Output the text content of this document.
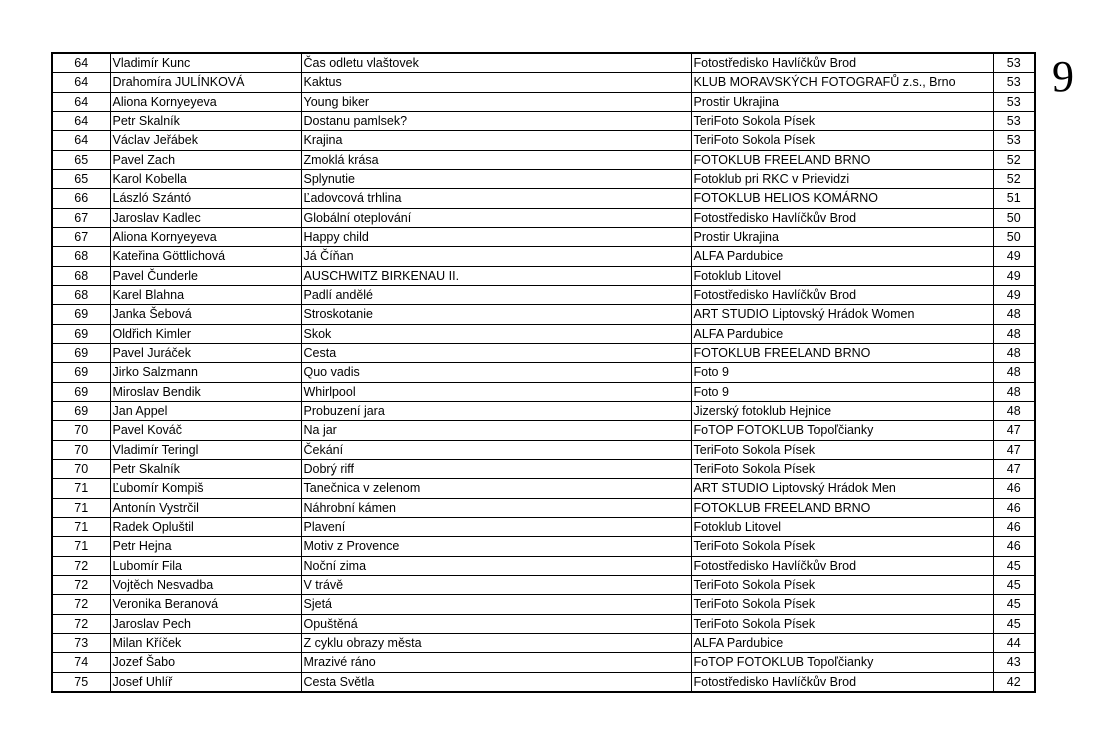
64	Vladimír Kunc	Čas odletu vlaštovek	Fotostředisko Havlíčkův Brod	53
64	Drahomíra JULÍNKOVÁ	Kaktus	KLUB MORAVSKÝCH FOTOGRAFŮ z.s., Brno	53
64	Aliona Kornyeyeva	Young biker	Prostir Ukrajina	53
64	Petr Skalník	Dostanu pamlsek?	TeriFoto Sokola Písek	53
64	Václav Jeřábek	Krajina	TeriFoto Sokola Písek	53
65	Pavel Zach	Zmoklá krása	FOTOKLUB FREELAND BRNO	52
65	Karol Kobella	Splynutie	Fotoklub pri RKC v Prievidzi	52
66	László Szántó	Ľadovcová trhlina	FOTOKLUB HELIOS KOMÁRNO	51
67	Jaroslav Kadlec	Globální oteplování	Fotostředisko Havlíčkův Brod	50
67	Aliona Kornyeyeva	Happy child	Prostir Ukrajina	50
68	Kateřina Göttlichová	Já Číňan	ALFA Pardubice	49
68	Pavel Čunderle	AUSCHWITZ BIRKENAU II.	Fotoklub Litovel	49
68	Karel Blahna	Padlí andělé	Fotostředisko Havlíčkův Brod	49
69	Janka Šebová	Stroskotanie	ART STUDIO Liptovský Hrádok Women	48
69	Oldřich Kimler	Skok	ALFA Pardubice	48
69	Pavel Juráček	Cesta	FOTOKLUB FREELAND BRNO	48
69	Jirko Salzmann	Quo vadis	Foto 9	48
69	Miroslav Bendik	Whirlpool	Foto 9	48
69	Jan Appel	Probuzení jara	Jizerský fotoklub Hejnice	48
70	Pavel Kováč	Na jar	FoTOP FOTOKLUB Topoľčianky	47
70	Vladimír Teringl	Čekání	TeriFoto Sokola Písek	47
70	Petr Skalník	Dobrý riff	TeriFoto Sokola Písek	47
71	Ľubomír Kompiš	Tanečnica v zelenom	ART STUDIO Liptovský Hrádok Men	46
71	Antonín Vystrčil	Náhrobní kámen	FOTOKLUB FREELAND BRNO	46
71	Radek Opluštil	Plavení	Fotoklub Litovel	46
71	Petr Hejna	Motiv z Provence	TeriFoto Sokola Písek	46
72	Lubomír Fila	Noční zima	Fotostředisko Havlíčkův Brod	45
72	Vojtěch Nesvadba	V trávě	TeriFoto Sokola Písek	45
72	Veronika Beranová	Sjetá	TeriFoto Sokola Písek	45
72	Jaroslav Pech	Opuštěná	TeriFoto Sokola Písek	45
73	Milan Kříček	Z cyklu obrazy města	ALFA Pardubice	44
74	Jozef Šabo	Mrazivé ráno	FoTOP FOTOKLUB Topoľčianky	43
75	Josef Uhlíř	Cesta Světla	Fotostředisko Havlíčkův Brod	42
9
